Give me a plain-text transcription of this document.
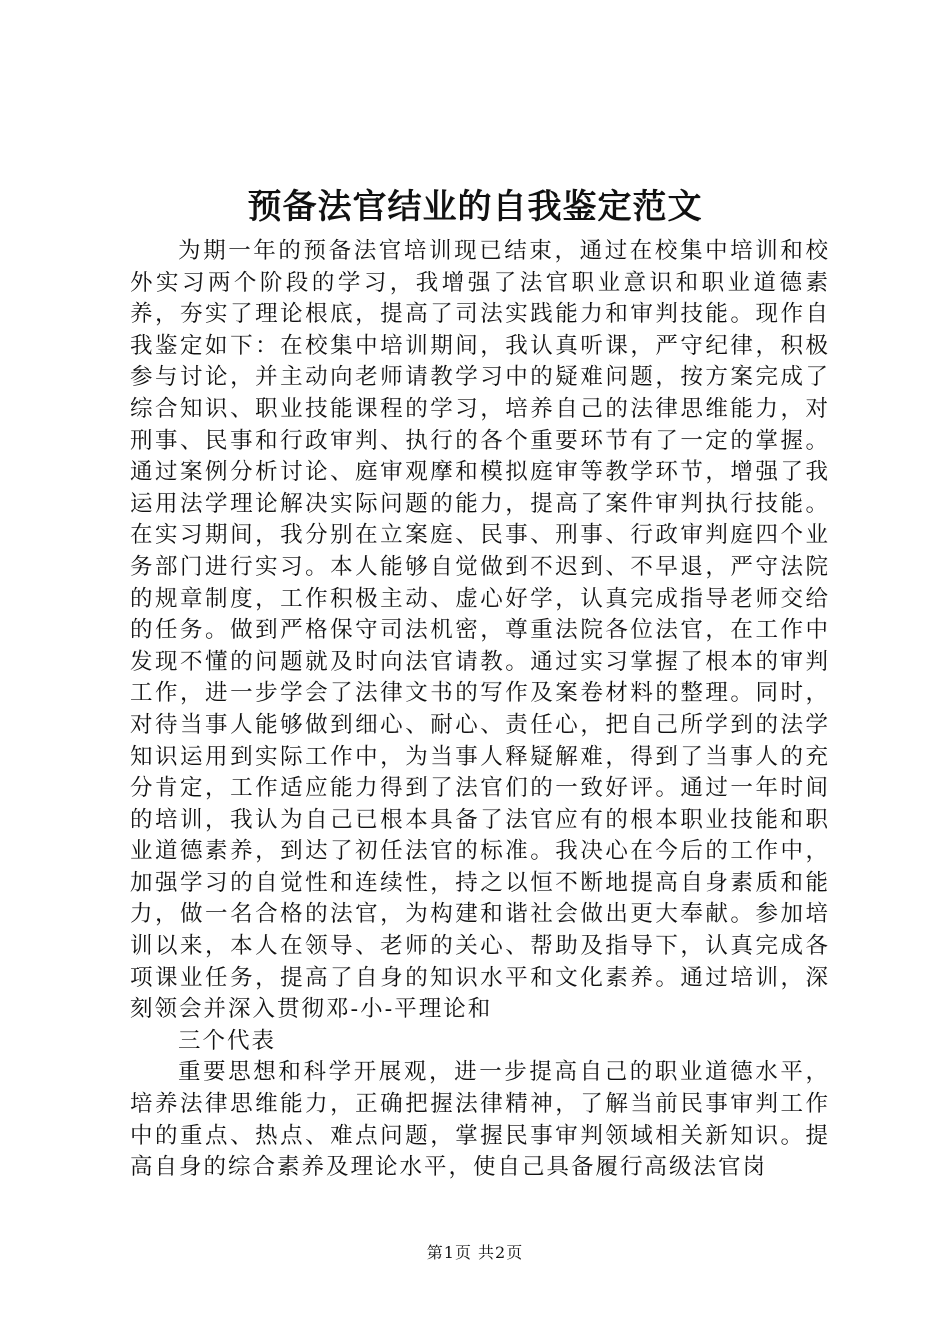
预备法官结业的自我鉴定范文

为期一年的预备法官培训现已结束，通过在校集中培训和校外实习两个阶段的学习，我增强了法官职业意识和职业道德素养，夯实了理论根底，提高了司法实践能力和审判技能。现作自我鉴定如下：在校集中培训期间，我认真听课，严守纪律，积极参与讨论，并主动向老师请教学习中的疑难问题，按方案完成了综合知识、职业技能课程的学习，培养自己的法律思维能力，对刑事、民事和行政审判、执行的各个重要环节有了一定的掌握。通过案例分析讨论、庭审观摩和模拟庭审等教学环节，增强了我运用法学理论解决实际问题的能力，提高了案件审判执行技能。在实习期间，我分别在立案庭、民事、刑事、行政审判庭四个业务部门进行实习。本人能够自觉做到不迟到、不早退，严守法院的规章制度，工作积极主动、虚心好学，认真完成指导老师交给的任务。做到严格保守司法机密，尊重法院各位法官，在工作中发现不懂的问题就及时向法官请教。通过实习掌握了根本的审判工作，进一步学会了法律文书的写作及案卷材料的整理。同时，对待当事人能够做到细心、耐心、责任心，把自己所学到的法学知识运用到实际工作中，为当事人释疑解难，得到了当事人的充分肯定，工作适应能力得到了法官们的一致好评。通过一年时间的培训，我认为自己已根本具备了法官应有的根本职业技能和职业道德素养，到达了初任法官的标准。我决心在今后的工作中，加强学习的自觉性和连续性，持之以恒不断地提高自身素质和能力，做一名合格的法官，为构建和谐社会做出更大奉献。参加培训以来，本人在领导、老师的关心、帮助及指导下，认真完成各项课业任务，提高了自身的知识水平和文化素养。通过培训，深刻领会并深入贯彻邓-小-平理论和

三个代表

重要思想和科学开展观，进一步提高自己的职业道德水平，培养法律思维能力，正确把握法律精神，了解当前民事审判工作中的重点、热点、难点问题，掌握民事审判领域相关新知识。提高自身的综合素养及理论水平，使自己具备履行高级法官岗

第1页 共2页
